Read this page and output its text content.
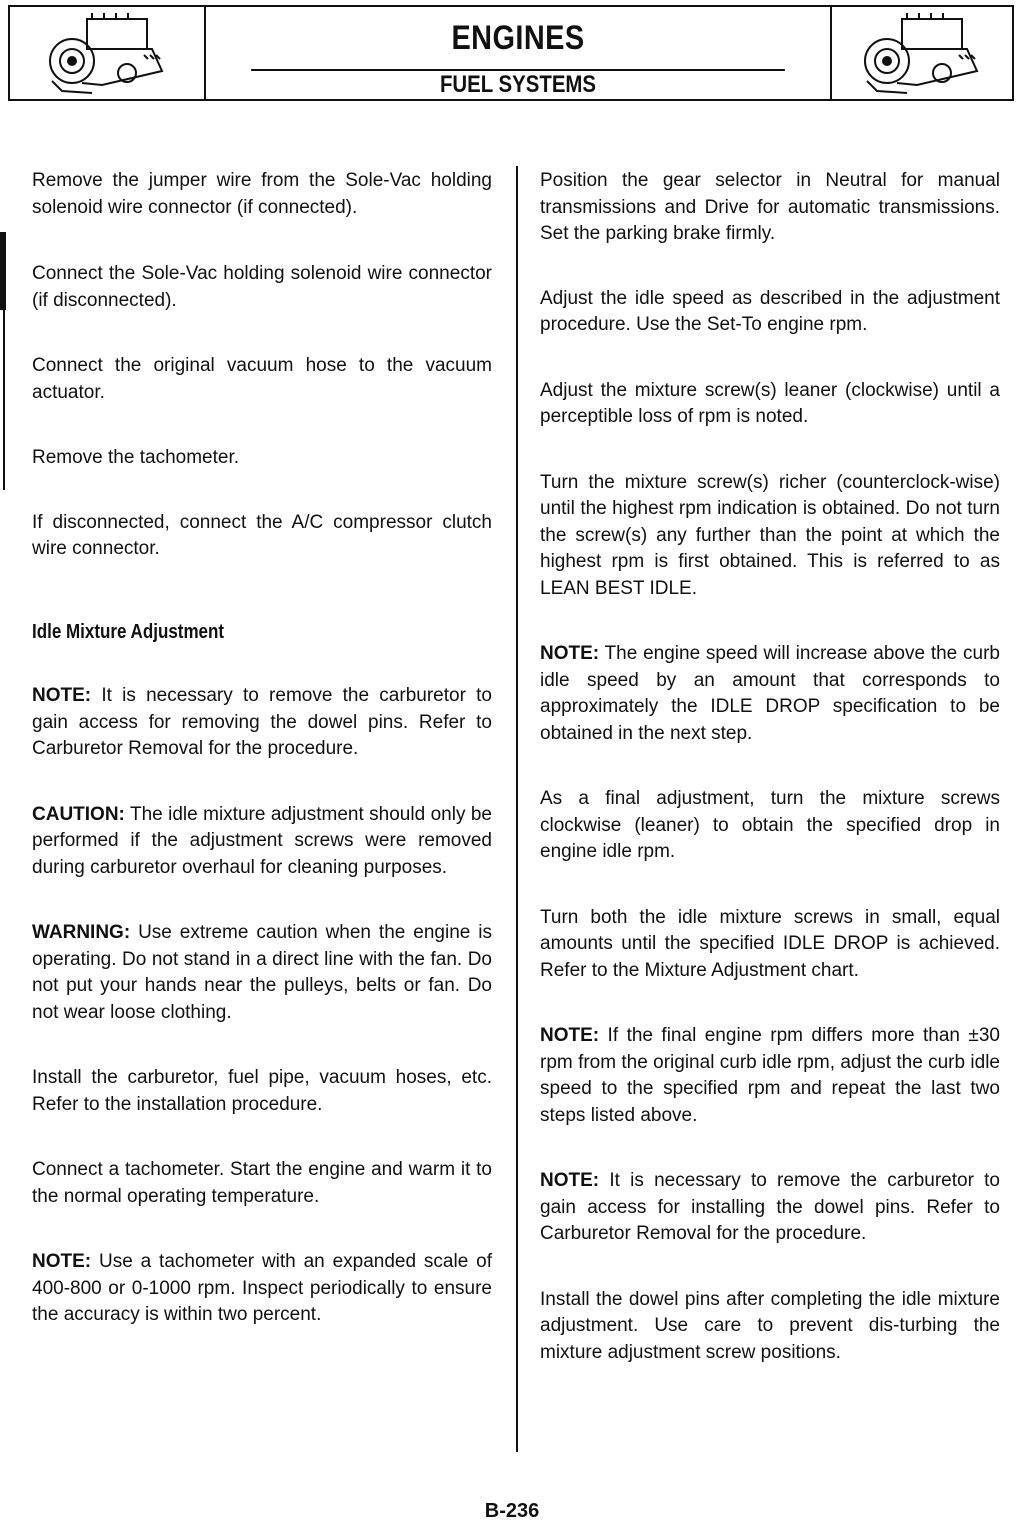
ENGINES
FUEL SYSTEMS

Remove the jumper wire from the Sole-Vac holding solenoid wire connector (if connected).

Connect the Sole-Vac holding solenoid wire connector (if disconnected).

Connect the original vacuum hose to the vacuum actuator.

Remove the tachometer.

If disconnected, connect the A/C compressor clutch wire connector.

Idle Mixture Adjustment

NOTE: It is necessary to remove the carburetor to gain access for removing the dowel pins. Refer to Carburetor Removal for the procedure.

CAUTION: The idle mixture adjustment should only be performed if the adjustment screws were removed during carburetor overhaul for cleaning purposes.

WARNING: Use extreme caution when the engine is operating. Do not stand in a direct line with the fan. Do not put your hands near the pulleys, belts or fan. Do not wear loose clothing.

Install the carburetor, fuel pipe, vacuum hoses, etc. Refer to the installation procedure.

Connect a tachometer. Start the engine and warm it to the normal operating temperature.

NOTE: Use a tachometer with an expanded scale of 400-800 or 0-1000 rpm. Inspect periodically to ensure the accuracy is within two percent.

Position the gear selector in Neutral for manual transmissions and Drive for automatic transmissions. Set the parking brake firmly.

Adjust the idle speed as described in the adjustment procedure. Use the Set-To engine rpm.

Adjust the mixture screw(s) leaner (clockwise) until a perceptible loss of rpm is noted.

Turn the mixture screw(s) richer (counterclock-wise) until the highest rpm indication is obtained. Do not turn the screw(s) any further than the point at which the highest rpm is first obtained. This is referred to as LEAN BEST IDLE.

NOTE: The engine speed will increase above the curb idle speed by an amount that corresponds to approximately the IDLE DROP specification to be obtained in the next step.

As a final adjustment, turn the mixture screws clockwise (leaner) to obtain the specified drop in engine idle rpm.

Turn both the idle mixture screws in small, equal amounts until the specified IDLE DROP is achieved. Refer to the Mixture Adjustment chart.

NOTE: If the final engine rpm differs more than ±30 rpm from the original curb idle rpm, adjust the curb idle speed to the specified rpm and repeat the last two steps listed above.

NOTE: It is necessary to remove the carburetor to gain access for installing the dowel pins. Refer to Carburetor Removal for the procedure.

Install the dowel pins after completing the idle mixture adjustment. Use care to prevent dis-turbing the mixture adjustment screw positions.

B-236
